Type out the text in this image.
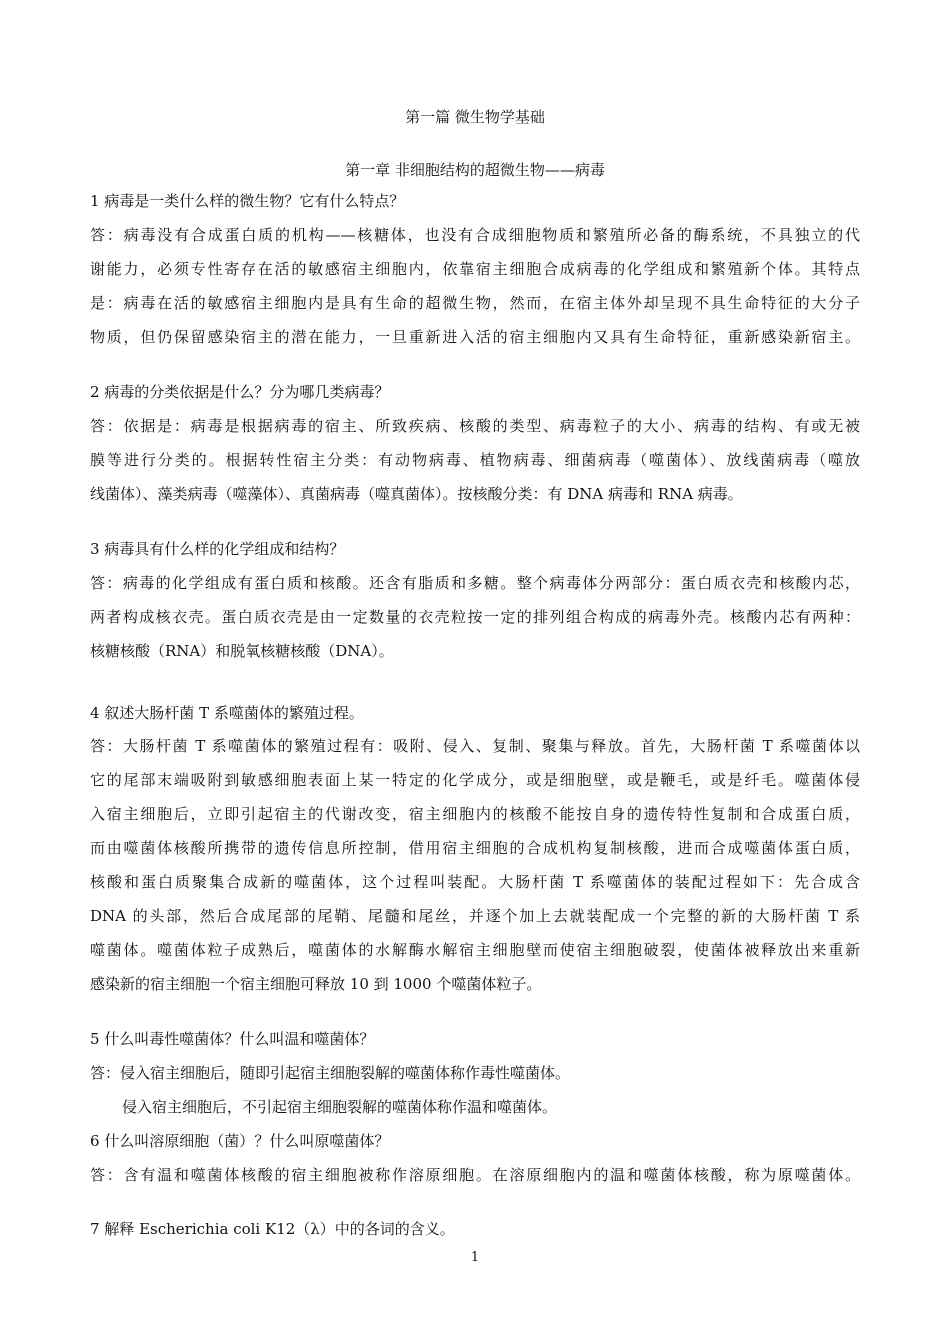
第一篇 微生物学基础
第一章 非细胞结构的超微生物——病毒
1 病毒是一类什么样的微生物？它有什么特点？
答：病毒没有合成蛋白质的机构——核糖体，也没有合成细胞物质和繁殖所必备的酶系统，不具独立的代
谢能力，必须专性寄存在活的敏感宿主细胞内，依靠宿主细胞合成病毒的化学组成和繁殖新个体。其特点
是：病毒在活的敏感宿主细胞内是具有生命的超微生物，然而，在宿主体外却呈现不具生命特征的大分子
物质，但仍保留感染宿主的潜在能力，一旦重新进入活的宿主细胞内又具有生命特征，重新感染新宿主。
2 病毒的分类依据是什么？分为哪几类病毒？
答：依据是：病毒是根据病毒的宿主、所致疾病、核酸的类型、病毒粒子的大小、病毒的结构、有或无被
膜等进行分类的。根据转性宿主分类：有动物病毒、植物病毒、细菌病毒（噬菌体）、放线菌病毒（噬放
线菌体）、藻类病毒（噬藻体）、真菌病毒（噬真菌体）。按核酸分类：有 DNA 病毒和 RNA 病毒。
3 病毒具有什么样的化学组成和结构？
答：病毒的化学组成有蛋白质和核酸。还含有脂质和多糖。整个病毒体分两部分：蛋白质衣壳和核酸内芯，
两者构成核衣壳。蛋白质衣壳是由一定数量的衣壳粒按一定的排列组合构成的病毒外壳。核酸内芯有两种：
核糖核酸（RNA）和脱氧核糖核酸（DNA）。
4 叙述大肠杆菌 T 系噬菌体的繁殖过程。
答：大肠杆菌 T 系噬菌体的繁殖过程有：吸附、侵入、复制、聚集与释放。首先，大肠杆菌 T 系噬菌体以
它的尾部末端吸附到敏感细胞表面上某一特定的化学成分，或是细胞壁，或是鞭毛，或是纤毛。噬菌体侵
入宿主细胞后，立即引起宿主的代谢改变，宿主细胞内的核酸不能按自身的遗传特性复制和合成蛋白质，
而由噬菌体核酸所携带的遗传信息所控制，借用宿主细胞的合成机构复制核酸，进而合成噬菌体蛋白质，
核酸和蛋白质聚集合成新的噬菌体，这个过程叫装配。大肠杆菌 T 系噬菌体的装配过程如下：先合成含
DNA 的头部，然后合成尾部的尾鞘、尾髓和尾丝，并逐个加上去就装配成一个完整的新的大肠杆菌 T 系
噬菌体。噬菌体粒子成熟后，噬菌体的水解酶水解宿主细胞壁而使宿主细胞破裂，使菌体被释放出来重新
感染新的宿主细胞一个宿主细胞可释放 10 到 1000 个噬菌体粒子。
5 什么叫毒性噬菌体？什么叫温和噬菌体？
答：侵入宿主细胞后，随即引起宿主细胞裂解的噬菌体称作毒性噬菌体。
侵入宿主细胞后，不引起宿主细胞裂解的噬菌体称作温和噬菌体。
6 什么叫溶原细胞（菌）？什么叫原噬菌体？
答：含有温和噬菌体核酸的宿主细胞被称作溶原细胞。在溶原细胞内的温和噬菌体核酸，称为原噬菌体。
7 解释 Escherichia coli K12（λ）中的各词的含义。
1
